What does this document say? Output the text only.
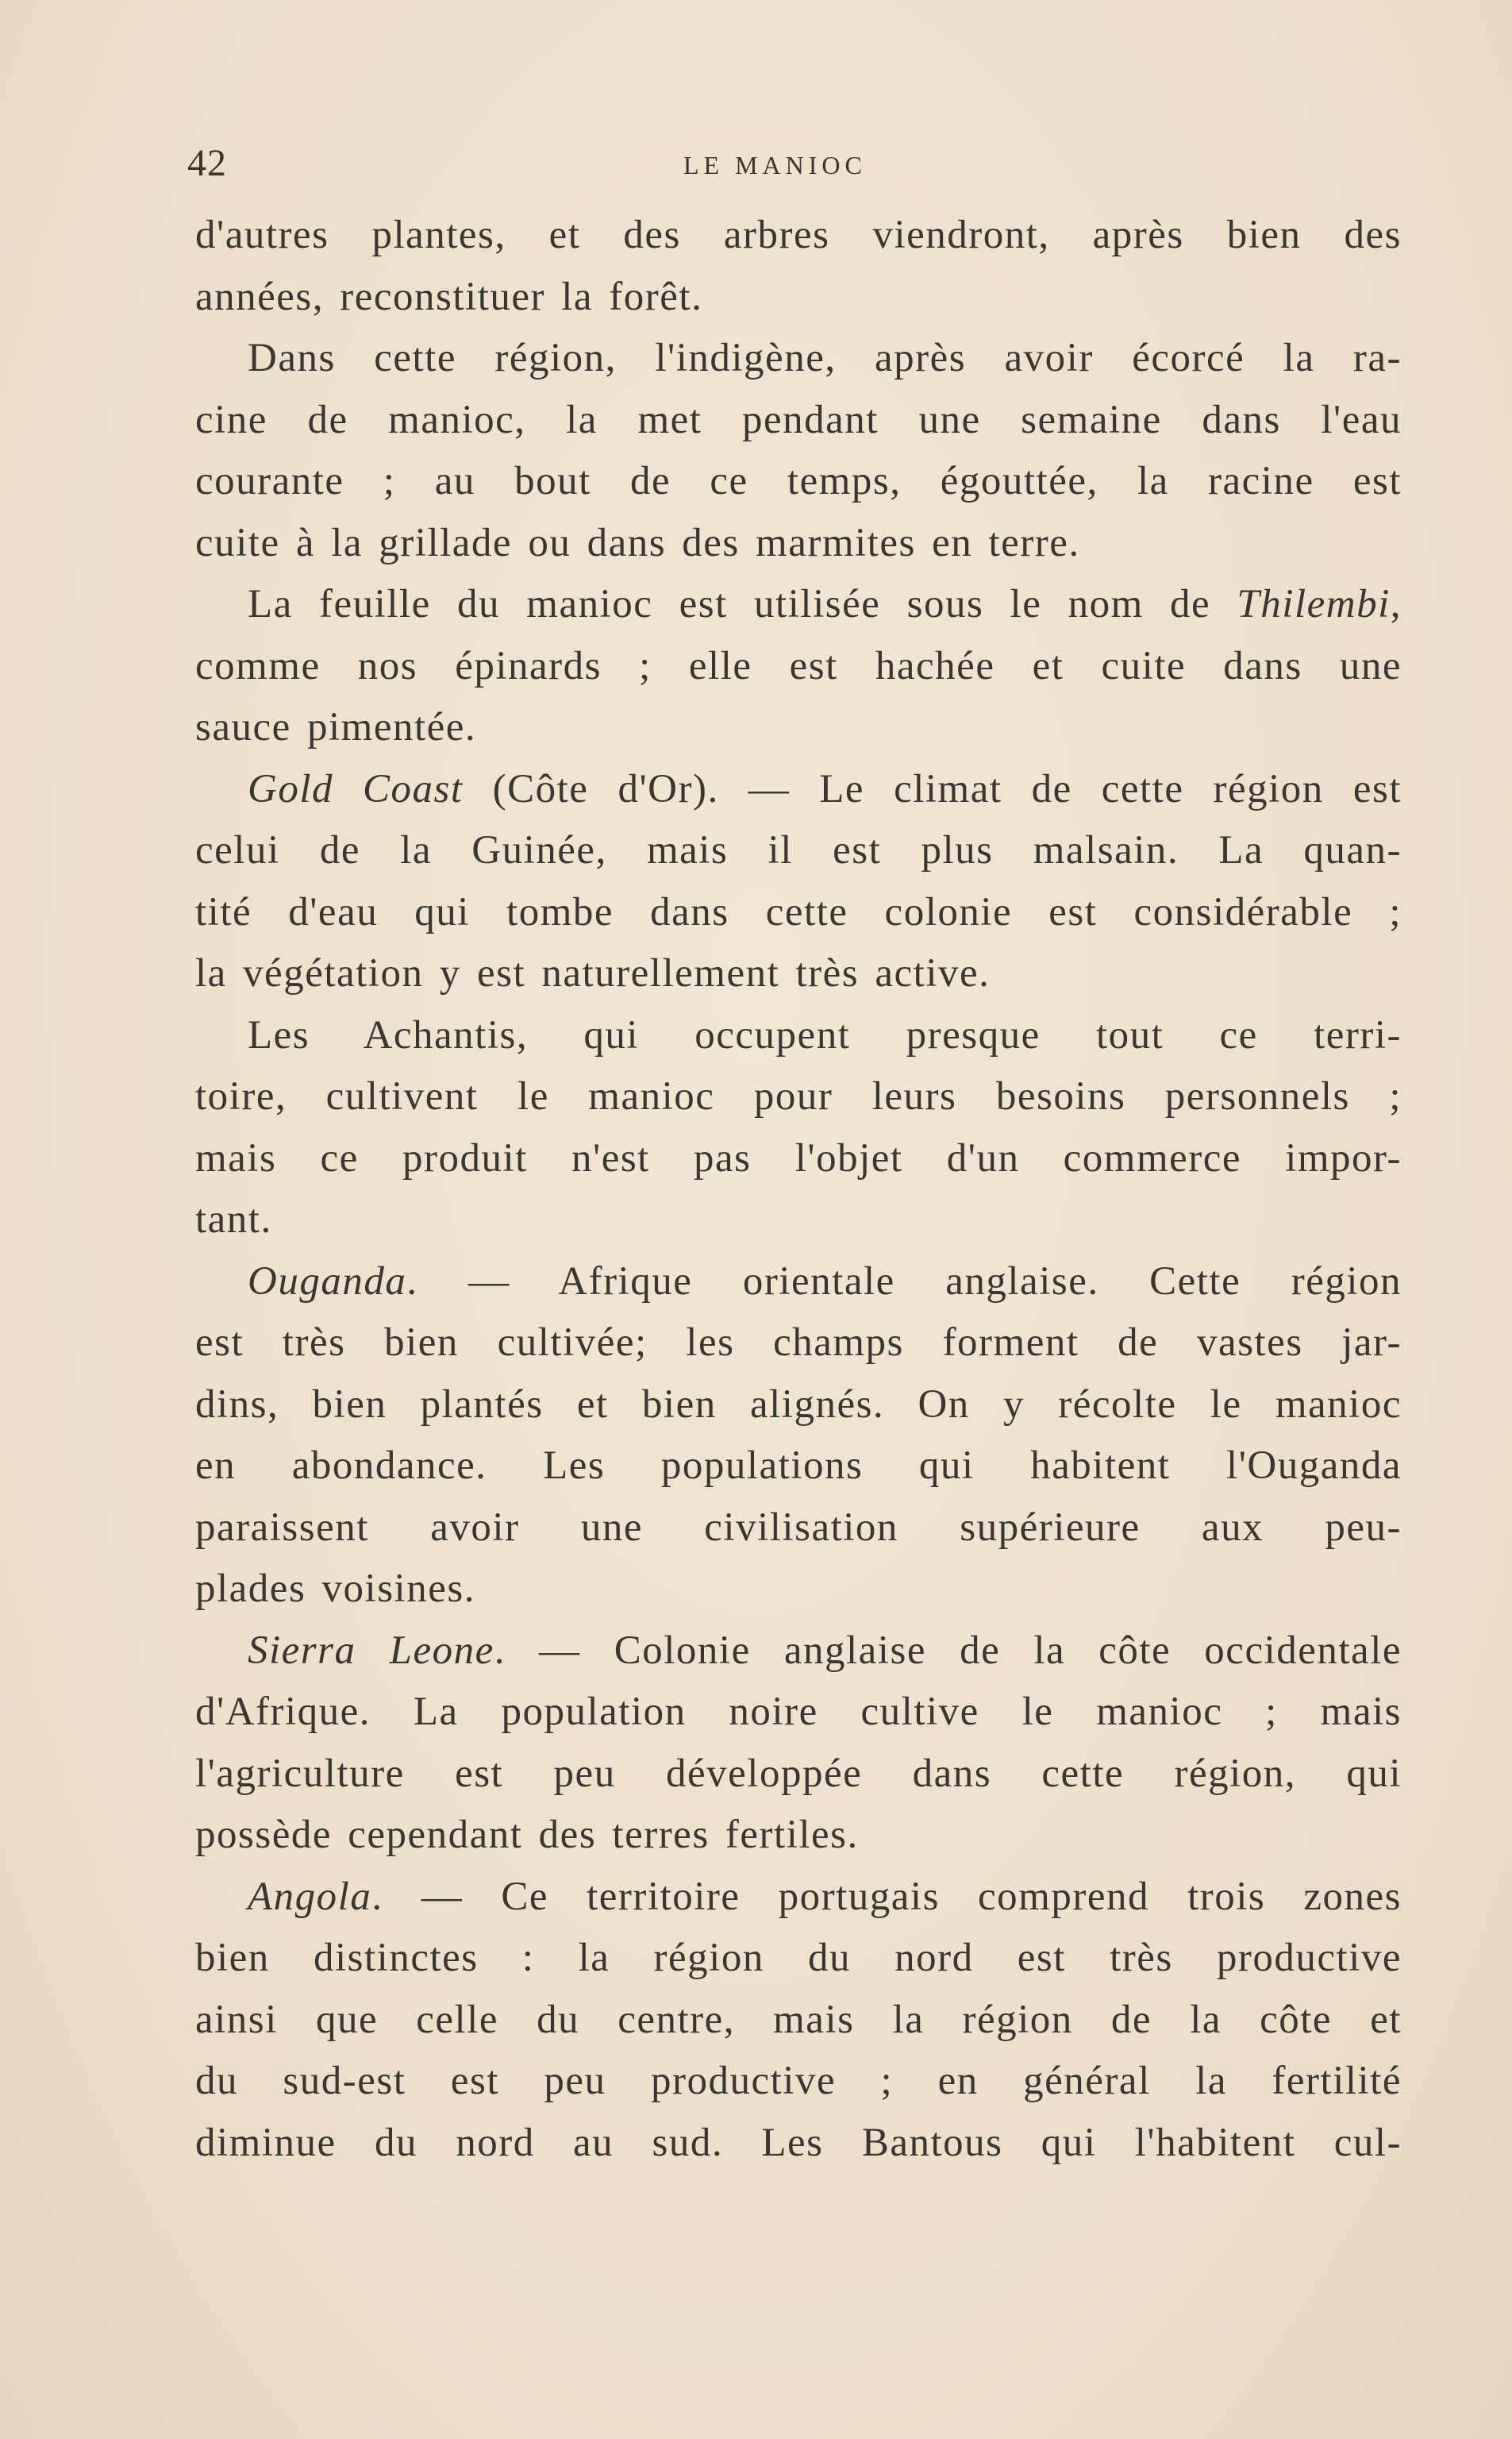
42	LE MANIOC
d'autres plantes, et des arbres viendront, après bien des
années, reconstituer la forêt.
Dans cette région, l'indigène, après avoir écorcé la ra-
cine de manioc, la met pendant une semaine dans l'eau
courante ; au bout de ce temps, égouttée, la racine est
cuite à la grillade ou dans des marmites en terre.
La feuille du manioc est utilisée sous le nom de Thilembi,
comme nos épinards ; elle est hachée et cuite dans une
sauce pimentée.
Gold Coast (Côte d'Or). — Le climat de cette région est
celui de la Guinée, mais il est plus malsain. La quan-
tité d'eau qui tombe dans cette colonie est considérable ;
la végétation y est naturellement très active.
Les Achantis, qui occupent presque tout ce terri-
toire, cultivent le manioc pour leurs besoins personnels ;
mais ce produit n'est pas l'objet d'un commerce impor-
tant.
Ouganda. — Afrique orientale anglaise. Cette région
est très bien cultivée; les champs forment de vastes jar-
dins, bien plantés et bien alignés. On y récolte le manioc
en abondance. Les populations qui habitent l'Ouganda
paraissent avoir une civilisation supérieure aux peu-
plades voisines.
Sierra Leone. — Colonie anglaise de la côte occidentale
d'Afrique. La population noire cultive le manioc ; mais
l'agriculture est peu développée dans cette région, qui
possède cependant des terres fertiles.
Angola. — Ce territoire portugais comprend trois zones
bien distinctes : la région du nord est très productive
ainsi que celle du centre, mais la région de la côte et
du sud-est est peu productive ; en général la fertilité
diminue du nord au sud. Les Bantous qui l'habitent cul-
